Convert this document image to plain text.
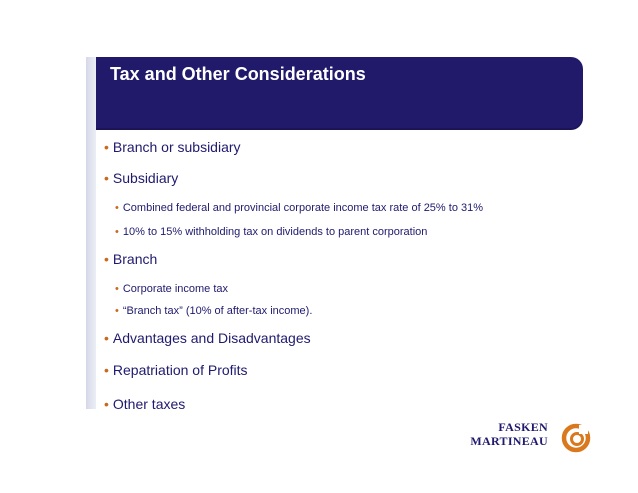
Tax and Other Considerations
• Branch or subsidiary
• Subsidiary
• Combined federal and provincial corporate income tax rate of 25% to 31%
• 10% to 15% withholding tax on dividends to parent corporation
• Branch
• Corporate income tax
• “Branch tax” (10% of after-tax income).
• Advantages and Disadvantages
• Repatriation of Profits
• Other taxes
FASKEN
MARTINEAU
